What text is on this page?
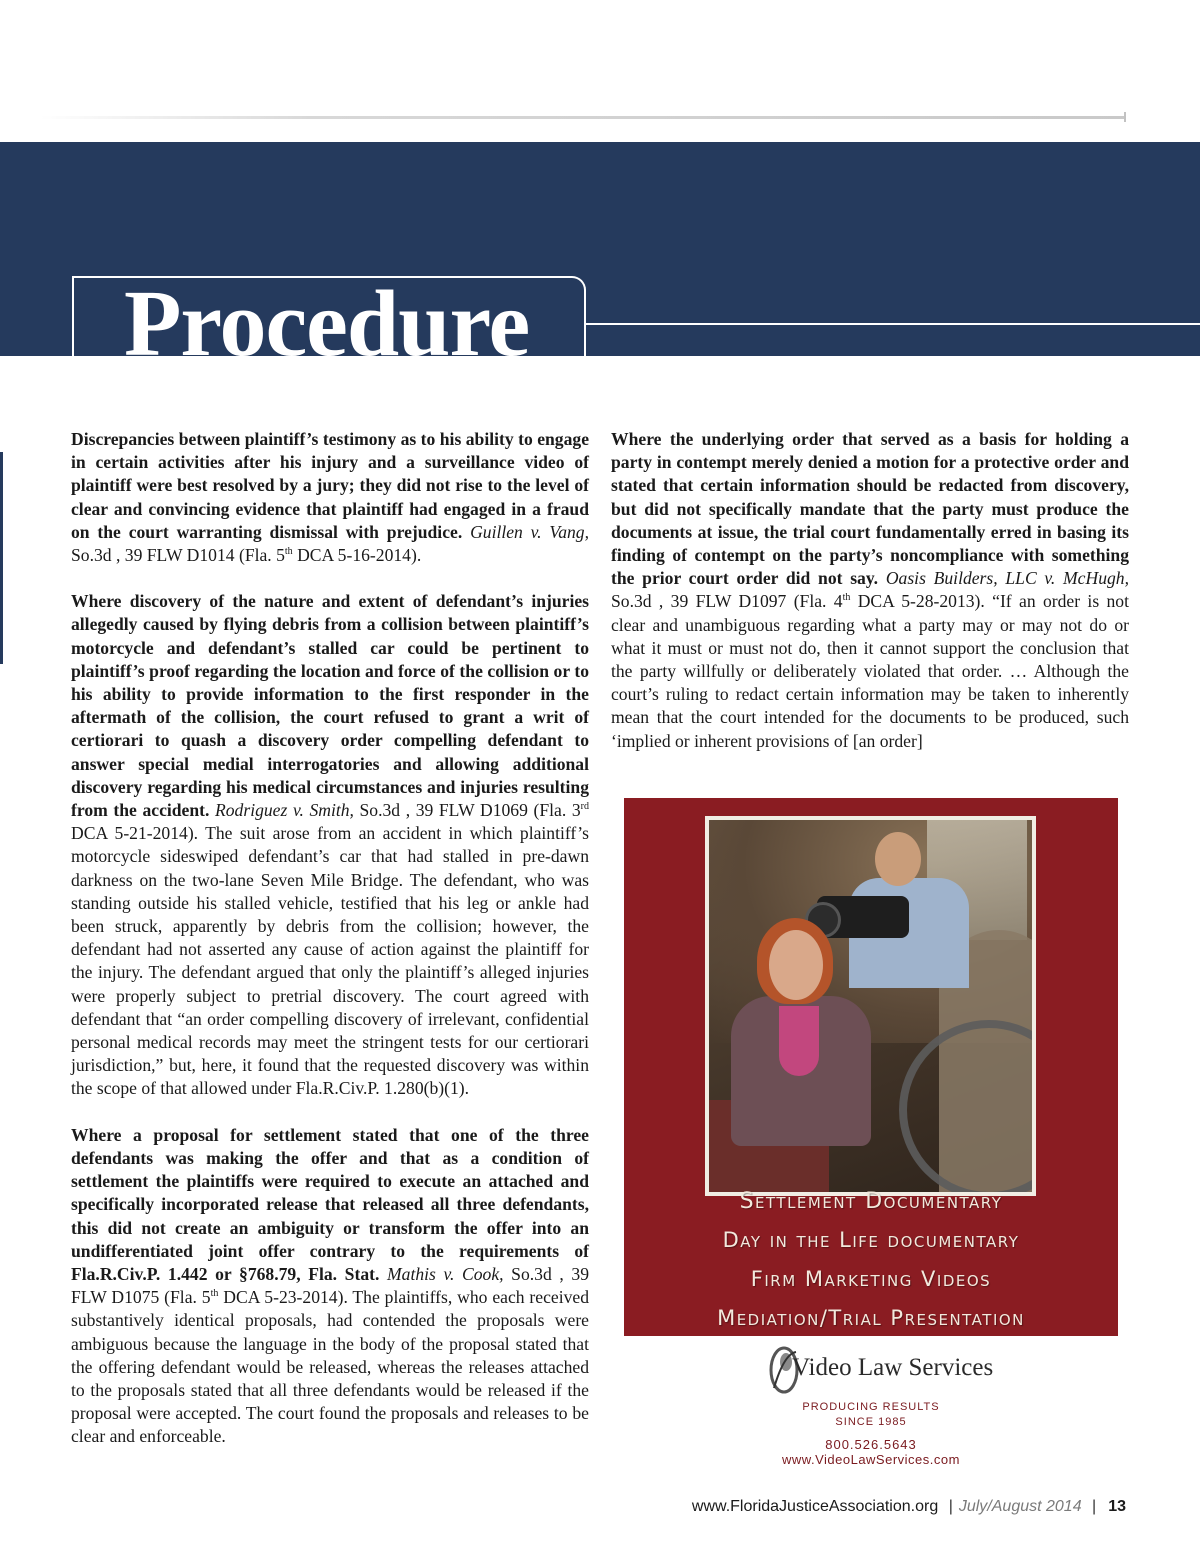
Procedure

Discrepancies between plaintiff’s testimony as to his ability to engage in certain activities after his injury and a surveillance video of plaintiff were best resolved by a jury; they did not rise to the level of clear and convincing evidence that plaintiff had engaged in a fraud on the court warranting dismissal with prejudice. Guillen v. Vang, So.3d , 39 FLW D1014 (Fla. 5th DCA 5-16-2014).

Where discovery of the nature and extent of defendant’s injuries allegedly caused by flying debris from a collision between plaintiff’s motorcycle and defendant’s stalled car could be pertinent to plaintiff’s proof regarding the location and force of the collision or to his ability to provide information to the first responder in the aftermath of the collision, the court refused to grant a writ of certiorari to quash a discovery order compelling defendant to answer special medial interrogatories and allowing additional discovery regarding his medical circumstances and injuries resulting from the accident. Rodriguez v. Smith, So.3d , 39 FLW D1069 (Fla. 3rd DCA 5-21-2014). The suit arose from an accident in which plaintiff’s motorcycle sideswiped defendant’s car that had stalled in pre-dawn darkness on the two-lane Seven Mile Bridge. The defendant, who was standing outside his stalled vehicle, testified that his leg or ankle had been struck, apparently by debris from the collision; however, the defendant had not asserted any cause of action against the plaintiff for the injury. The defendant argued that only the plaintiff’s alleged injuries were properly subject to pretrial discovery. The court agreed with defendant that “an order compelling discovery of irrelevant, confidential personal medical records may meet the stringent tests for our certiorari jurisdiction,” but, here, it found that the requested discovery was within the scope of that allowed under Fla.R.Civ.P. 1.280(b)(1).

Where a proposal for settlement stated that one of the three defendants was making the offer and that as a condition of settlement the plaintiffs were required to execute an attached and specifically incorporated release that released all three defendants, this did not create an ambiguity or transform the offer into an undifferentiated joint offer contrary to the requirements of Fla.R.Civ.P. 1.442 or §768.79, Fla. Stat. Mathis v. Cook, So.3d , 39 FLW D1075 (Fla. 5th DCA 5-23-2014). The plaintiffs, who each received substantively identical proposals, had contended the proposals were ambiguous because the language in the body of the proposal stated that the offering defendant would be released, whereas the releases attached to the proposals stated that all three defendants would be released if the proposal were accepted. The court found the proposals and releases to be clear and enforceable.

Where the underlying order that served as a basis for holding a party in contempt merely denied a motion for a protective order and stated that certain information should be redacted from discovery, but did not specifically mandate that the party must produce the documents at issue, the trial court fundamentally erred in basing its finding of contempt on the party’s noncompliance with something the prior court order did not say. Oasis Builders, LLC v. McHugh, So.3d , 39 FLW D1097 (Fla. 4th DCA 5-28-2013). “If an order is not clear and unambiguous regarding what a party may or may not do or what it must or must not do, then it cannot support the conclusion that the party willfully or deliberately violated that order. … Although the court’s ruling to redact certain information may be taken to inherently mean that the court intended for the documents to be produced, such ‘implied or inherent provisions of [an order]

Settlement Documentary

Day in the Life documentary

Firm Marketing Videos

Mediation/Trial Presentation

Video Law Services

PRODUCING RESULTS

SINCE 1985

800.526.5643

www.VideoLawServices.com

www.FloridaJusticeAssociation.org | July/August 2014 | 13
